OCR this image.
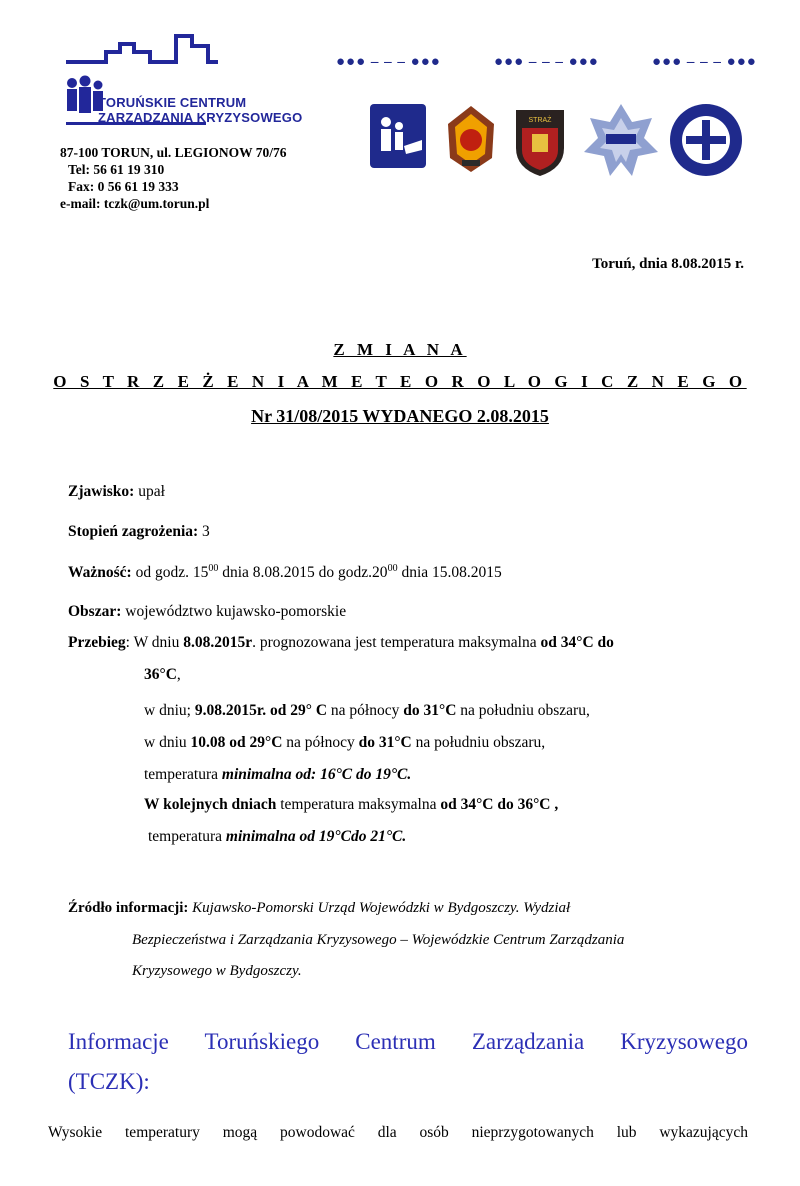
TORUŃSKIE CENTRUM
ZARZĄDZANIA KRYZYSOWEGO
87-100 TORUN, ul. LEGIONOW 70/76
Tel: 56 61 19 310
Fax: 0 56 61 19 333
e-mail: tczk@um.torun.pl
●●● ‒ ‒ ‒ ●●●	●●● ‒ ‒ ‒ ●●●	●●● ‒ ‒ ‒ ●●●
STRAŻ
Toruń, dnia 8.08.2015 r.
Z M I A N A
O S T R Z E Ż E N I A M E T E O R O L O G I C Z N E G O
Nr 31/08/2015 WYDANEGO 2.08.2015
Zjawisko: upał
Stopień zagrożenia: 3
Ważność: od godz. $15^{00}$ dnia 8.08.2015 do $godz.20^{00}$ dnia 15.08.2015
Obszar: województwo kujawsko-pomorskie
Przebieg: W dniu 8.08.2015r. prognozowana jest temperatura maksymalna od 34°C do
36°C,
w dniu; 9.08.2015r. od 29° C na północy do 31°C na południu obszaru,
w dniu 10.08 od 29°C na północy do 31°C na południu obszaru,
temperatura minimalna od: 16°C do 19°C.
W kolejnych dniach temperatura maksymalna od 34°C do 36°C ,
temperatura minimalna od 19°Cdo 21°C.
Źródło informacji: Kujawsko-Pomorski Urząd Wojewódzki w Bydgoszczy. Wydział
Bezpieczeństwa i Zarządzania Kryzysowego – Wojewódzkie Centrum Zarządzania
Kryzysowego w Bydgoszczy.
Informacje Toruńskiego Centrum Zarządzania Kryzysowego
(TCZK):
Wysokie temperatury mogą powodować dla osób nieprzygotowanych lub wykazujących
